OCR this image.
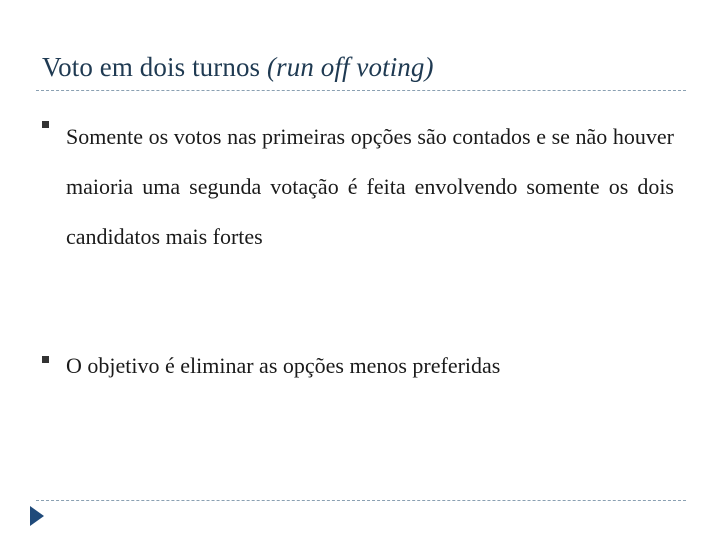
Voto em dois turnos (run off voting)
Somente os votos nas primeiras opções são contados e se não houver maioria uma segunda votação é feita envolvendo somente os dois candidatos mais fortes
O objetivo é eliminar as opções menos preferidas
